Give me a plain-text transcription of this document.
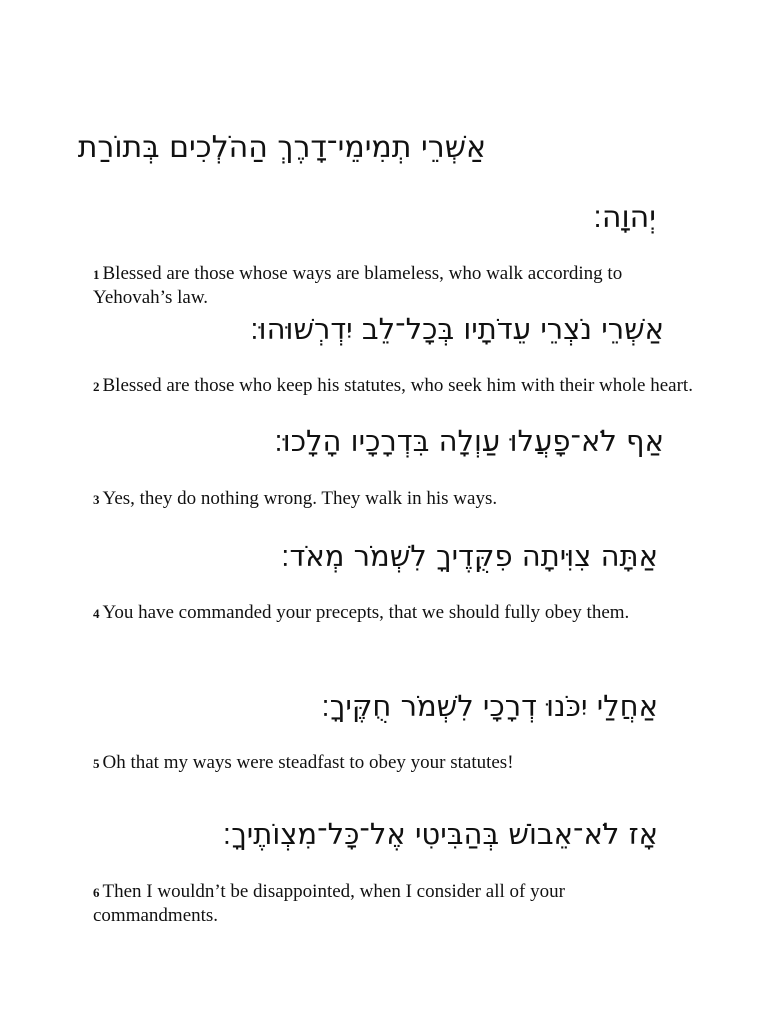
אַשְׁרֵי תְמִימֵי־דָרֶךְ הַהֹלְכִים בְּתוֹרַת
יְהוָה׃
1 Blessed are those whose ways are blameless, who walk according to Yehovah’s law.
אַשְׁרֵי נֹצְרֵי עֵדֹתָיו בְּכָל־לֵב יִדְרְשׁוּהוּ׃
2 Blessed are those who keep his statutes, who seek him with their whole heart.
אַף לֹא־פָעֲלוּ עַוְלָה בִּדְרָכָיו הָלָכוּ׃
3 Yes, they do nothing wrong. They walk in his ways.
אַתָּה צִוִּיתָה פִקֻּדֶיךָ לִשְׁמֹר מְאֹד׃
4 You have commanded your precepts, that we should fully obey them.
אַחֲלַי יִכֹּנוּ דְרָכָי לִשְׁמֹר חֻקֶּיךָ׃
5 Oh that my ways were steadfast to obey your statutes!
אָז לֹא־אֵבוֹשׁ בְּהַבִּיטִי אֶל־כָּל־מִצְוֹתֶיךָ׃
6 Then I wouldn’t be disappointed, when I consider all of your commandments.
